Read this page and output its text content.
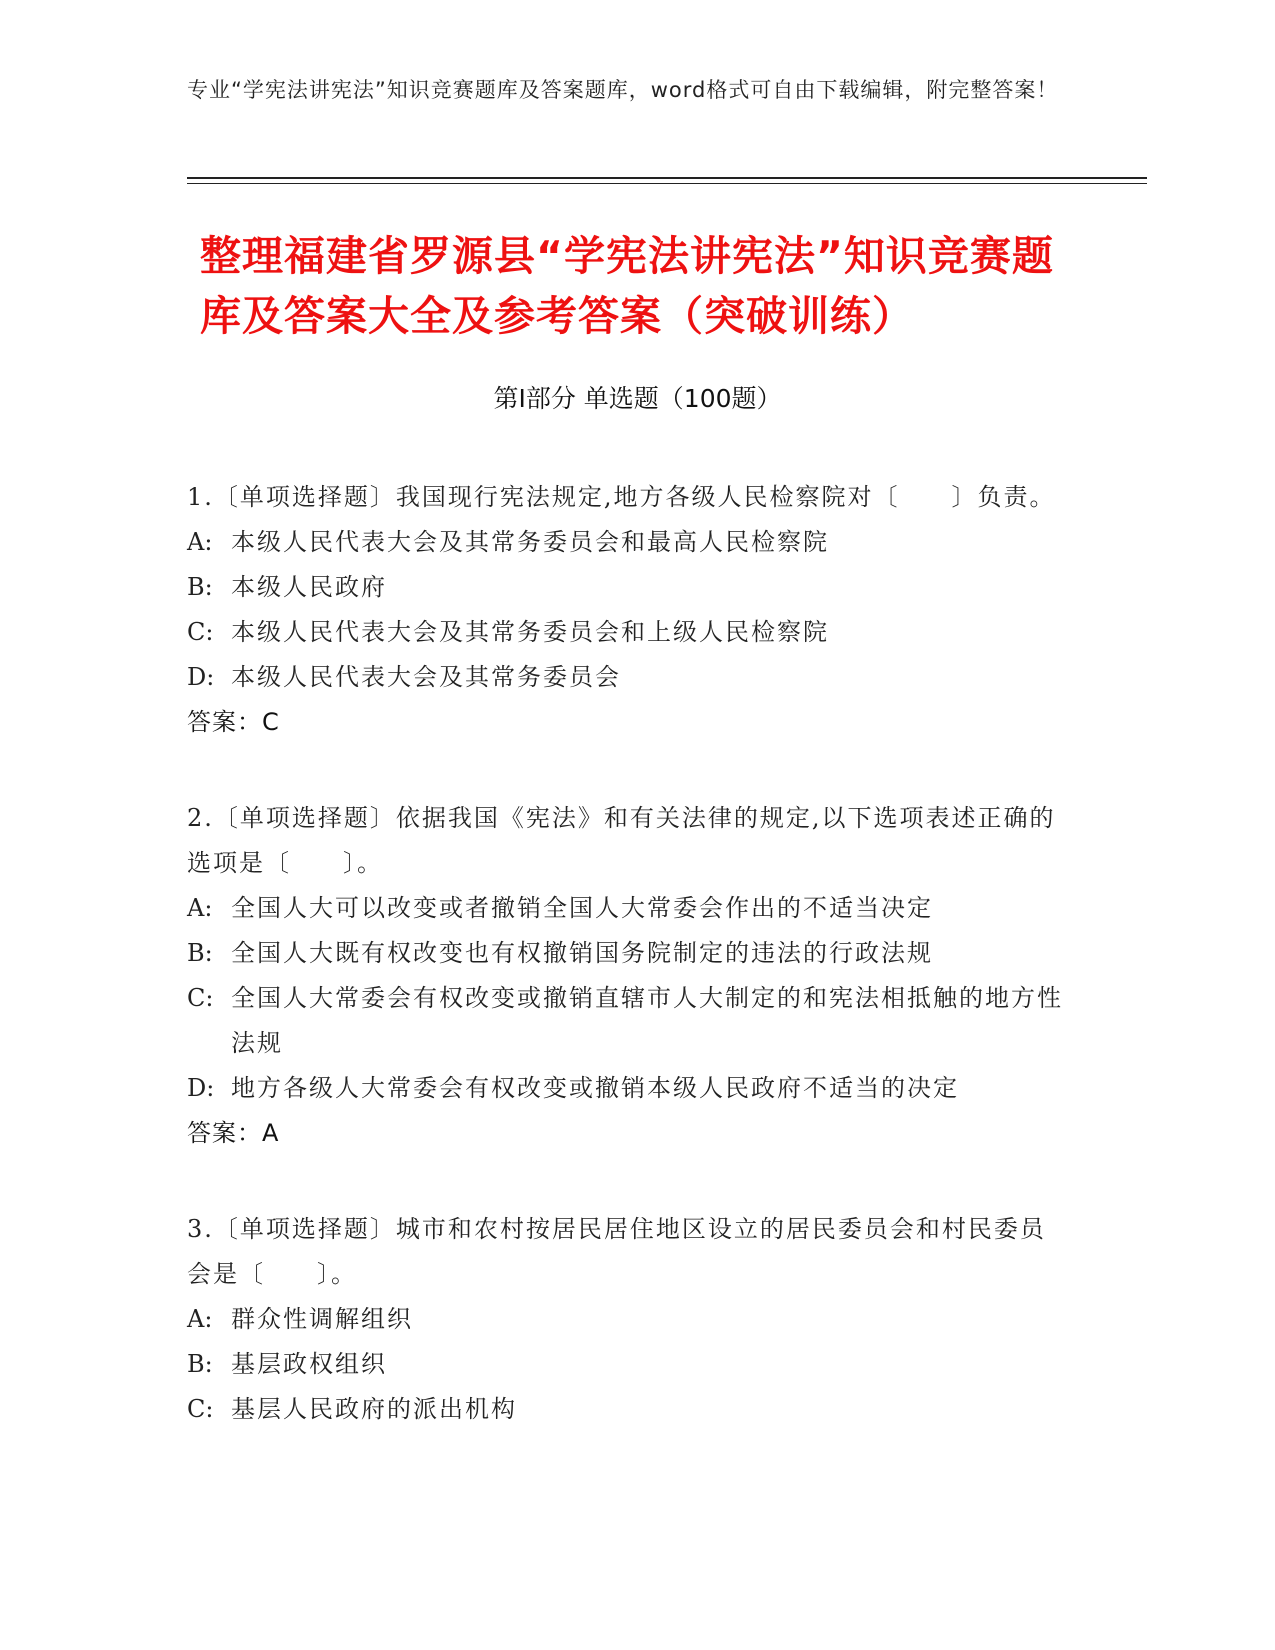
专业“学宪法讲宪法”知识竞赛题库及答案题库，word格式可自由下载编辑，附完整答案！
整理福建省罗源县“学宪法讲宪法”知识竞赛题库及答案大全及参考答案（突破训练）
第Ⅰ部分 单选题（100题）
1.〔单项选择题〕我国现行宪法规定,地方各级人民检察院对〔　　〕负责。
A: 本级人民代表大会及其常务委员会和最高人民检察院
B: 本级人民政府
C: 本级人民代表大会及其常务委员会和上级人民检察院
D: 本级人民代表大会及其常务委员会
答案：C
2.〔单项选择题〕依据我国《宪法》和有关法律的规定,以下选项表述正确的选项是〔　　〕。
A: 全国人大可以改变或者撤销全国人大常委会作出的不适当决定
B: 全国人大既有权改变也有权撤销国务院制定的违法的行政法规
C: 全国人大常委会有权改变或撤销直辖市人大制定的和宪法相抵触的地方性法规
D: 地方各级人大常委会有权改变或撤销本级人民政府不适当的决定
答案：A
3.〔单项选择题〕城市和农村按居民居住地区设立的居民委员会和村民委员会是〔　　〕。
A: 群众性调解组织
B: 基层政权组织
C: 基层人民政府的派出机构
